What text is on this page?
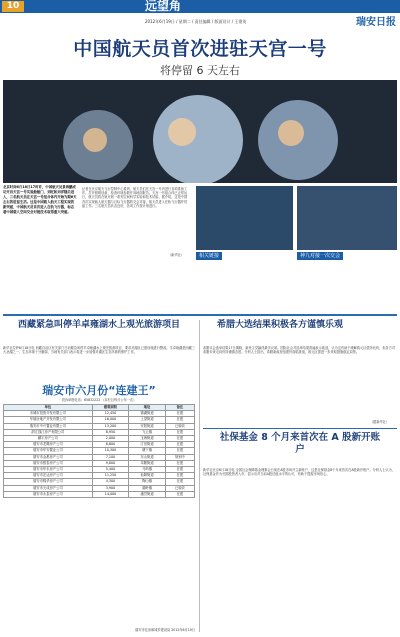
10	远望角
2012年6月19日 / 星期二 / 责任编辑 / 版面设计 / 王建英	瑞安日报
中国航天员首次进驻天宫一号
将停留 6 天左右
北京时间6月18日17时许，中国航天员景海鹏成功开启天宫一号实验舱舱门，刘旺和刘洋随后进入，三名航天员在天宫一号组合体内开始为期6天左右的驻留生活。这是中国载人航天工程实现的新突破，中国航天员首次进入在轨飞行器，标志着中国载人空间交会对接技术取得重大突破。
记者在北京航天飞行控制中心看到，航天员们在天宫一号内进行各项准备工作，打开照明设备，检查环境参数并向地面报告。天宫一号组合体已正常运行，航天员将在轨开展一系列空间科学实验和技术试验。据介绍，这是中国首次实现载人航天器与目标飞行器的交会对接，航天员进入在轨飞行器并驻留工作。三名航天员状态良好，各项工作按计划进行。
（新华社）	相关链接	神九对接一次交会
西藏紧急叫停羊卓雍湖水上观光旅游项目
新华社拉萨6月18日电 西藏自治区有关部门日前紧急叫停羊卓雍湖水上观光旅游项目，要求对湖区已建设施进行整改。羊卓雍湖是西藏三大圣湖之一，生态环境十分脆弱，当地有关部门表示将进一步加强对湖区生态环境的保护工作。
瑞安市六月份“连建王”
投诉举报电话：65832222 （本栏目每月公布一次）
单位	建筑面积	地址	备注
市城市投资开发有限公司	12,450	锦湖街道	在建
华瑞房地产开发有限公司	16,000	上望街道	在建
瑞安市中兴置业有限公司	13,200	安阳街道	已验收
浙江钱江房产有限公司	8,950	飞云镇	在建
鹏宇房产公司	2,000	玉海街道	在建
瑞安市龙腾房产公司	6,600	汀田街道	在建
瑞安市华安置业公司	10,300	塘下镇	在建
瑞安市金都房产公司	7,100	东山街道	规划中
瑞安市银泰房产公司	9,800	莘塍街道	在建
瑞安市华东房产公司	5,400	马屿镇	在建
瑞安市宏达房产公司	11,250	仙降街道	在建
瑞安市锦华房产公司	4,300	陶山镇	在建
瑞安市天成房产公司	3,900	湖岭镇	已验收
瑞安市永泰房产公司	14,000	潘岱街道	在建
瑞安市住房和城乡建设局 2012年6月19日
希腊大选结果积极各方谨慎乐观
希腊议会选举结果17日揭晓，新民主党赢得最多议席。国际社会对选举结果普遍表示欢迎，认为这有助于缓解欧元区债务危机，但各方对希腊未来走向仍持谨慎态度。分析人士指出，希腊新政府组建仍面临挑战，欧元区需进一步采取措施稳定局势。
（据新华社）
社保基金 8 个月来首次在 A 股新开账户
新华社北京6月18日电 全国社会保障基金理事会日前在A股市场开立新账户，这是社保基金8个月来首次在A股新开账户。分析人士认为，社保基金作为长期投资者入市，显示出对当前A股估值水平的认可，有助于提振市场信心。
